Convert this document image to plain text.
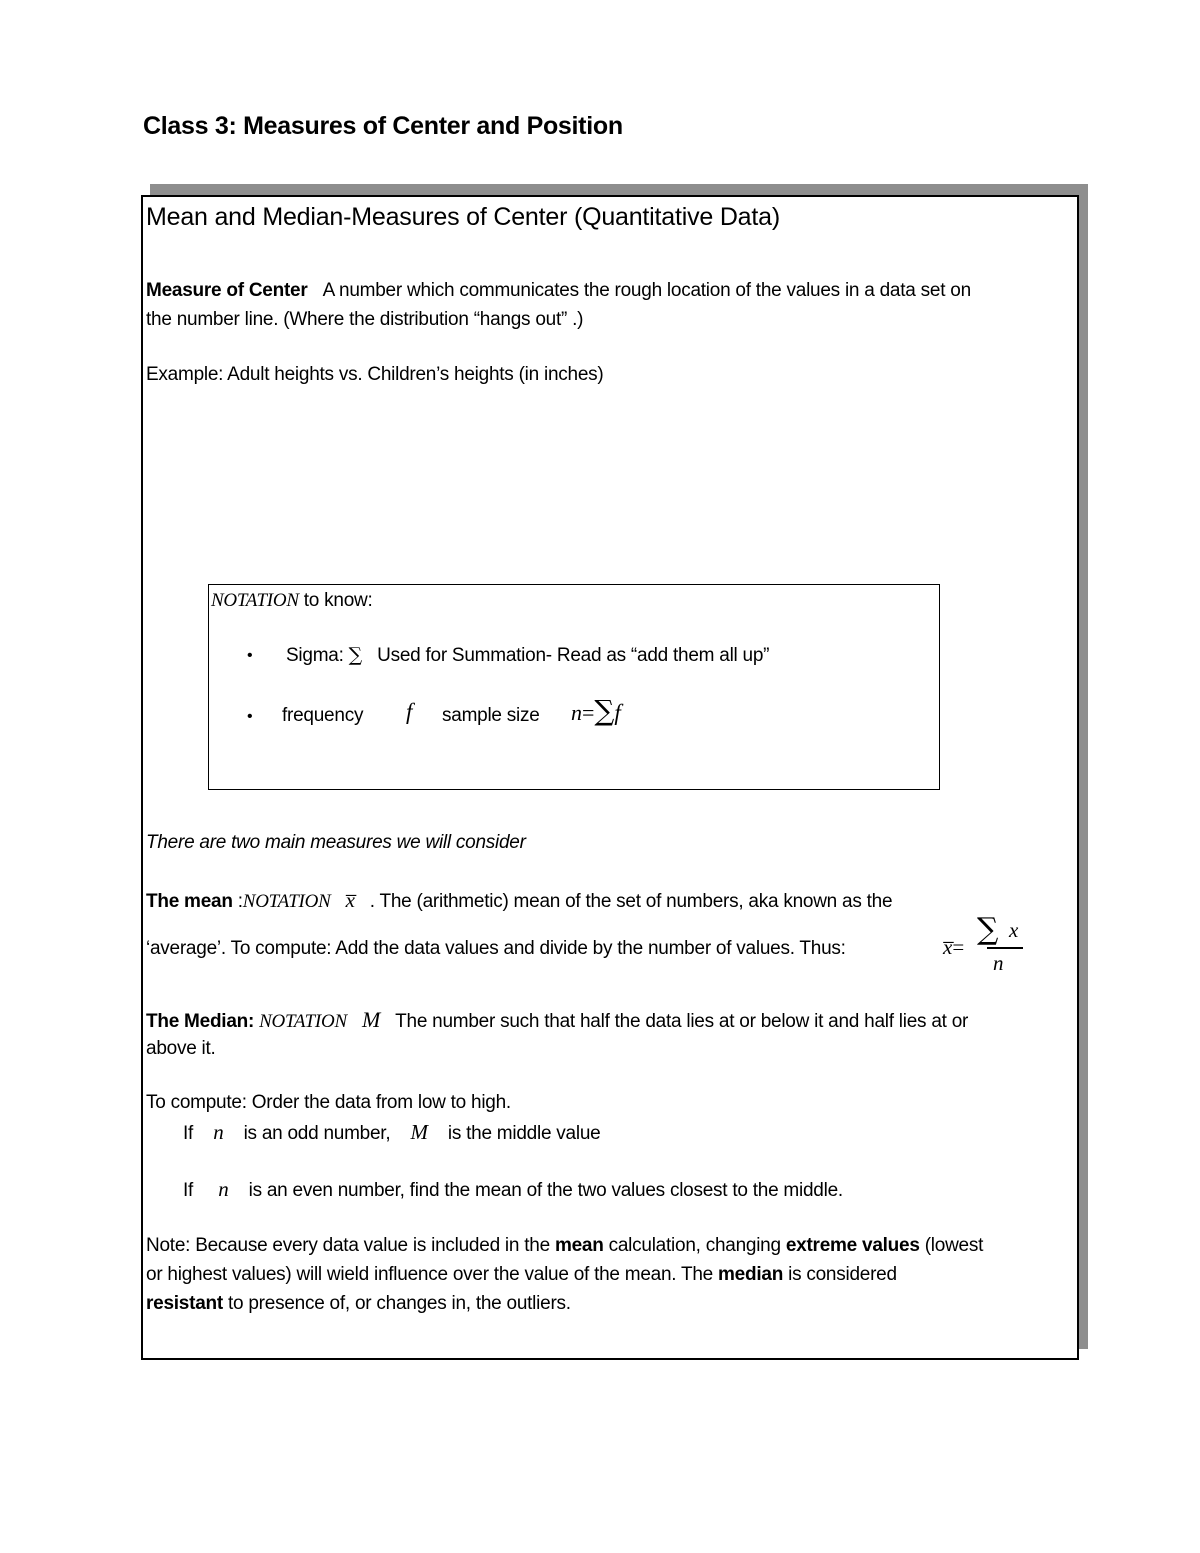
Class 3: Measures of Center and Position
Mean and Median-Measures of Center (Quantitative Data)
Measure of Center A number which communicates the rough location of the values in a data set on
the number line. (Where the distribution “hangs out” .)
Example: Adult heights vs. Children’s heights (in inches)
NOTATION to know:
• Sigma: ∑ Used for Summation- Read as “add them all up”
• frequency f sample size n=∑f
There are two main measures we will consider
The mean :NOTATION x̅ . The (arithmetic) mean of the set of numbers, aka known as the
‘average’. To compute: Add the data values and divide by the number of values. Thus:	x̅= ∑ x
n
The Median: NOTATION M The number such that half the data lies at or below it and half lies at or
above it.
To compute: Order the data from low to high.
If n is an odd number, M is the middle value
If n is an even number, find the mean of the two values closest to the middle.
Note: Because every data value is included in the mean calculation, changing extreme values (lowest
or highest values) will wield influence over the value of the mean. The median is considered
resistant to presence of, or changes in, the outliers.
